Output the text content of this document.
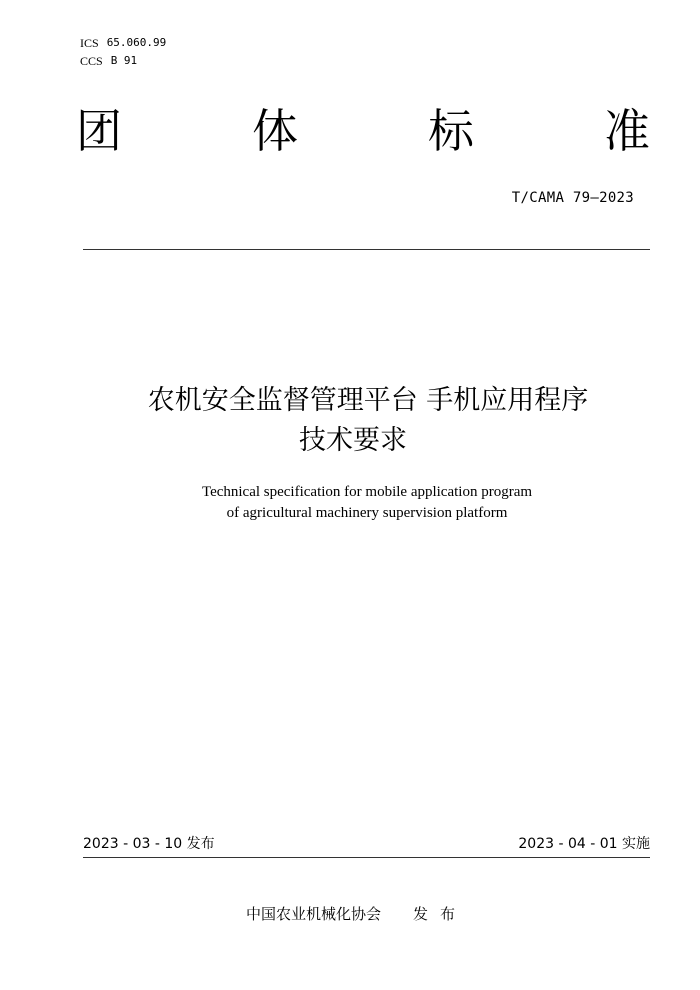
ICS 65.060.99
CCS B 91
团	体	标	准
T/CAMA 79—2023
农机安全监督管理平台 手机应用程序
技术要求
Technical specification for mobile application program
of agricultural machinery supervision platform
2023 - 03 - 10 发布	2023 - 04 - 01 实施
中国农业机械化协会 发布
